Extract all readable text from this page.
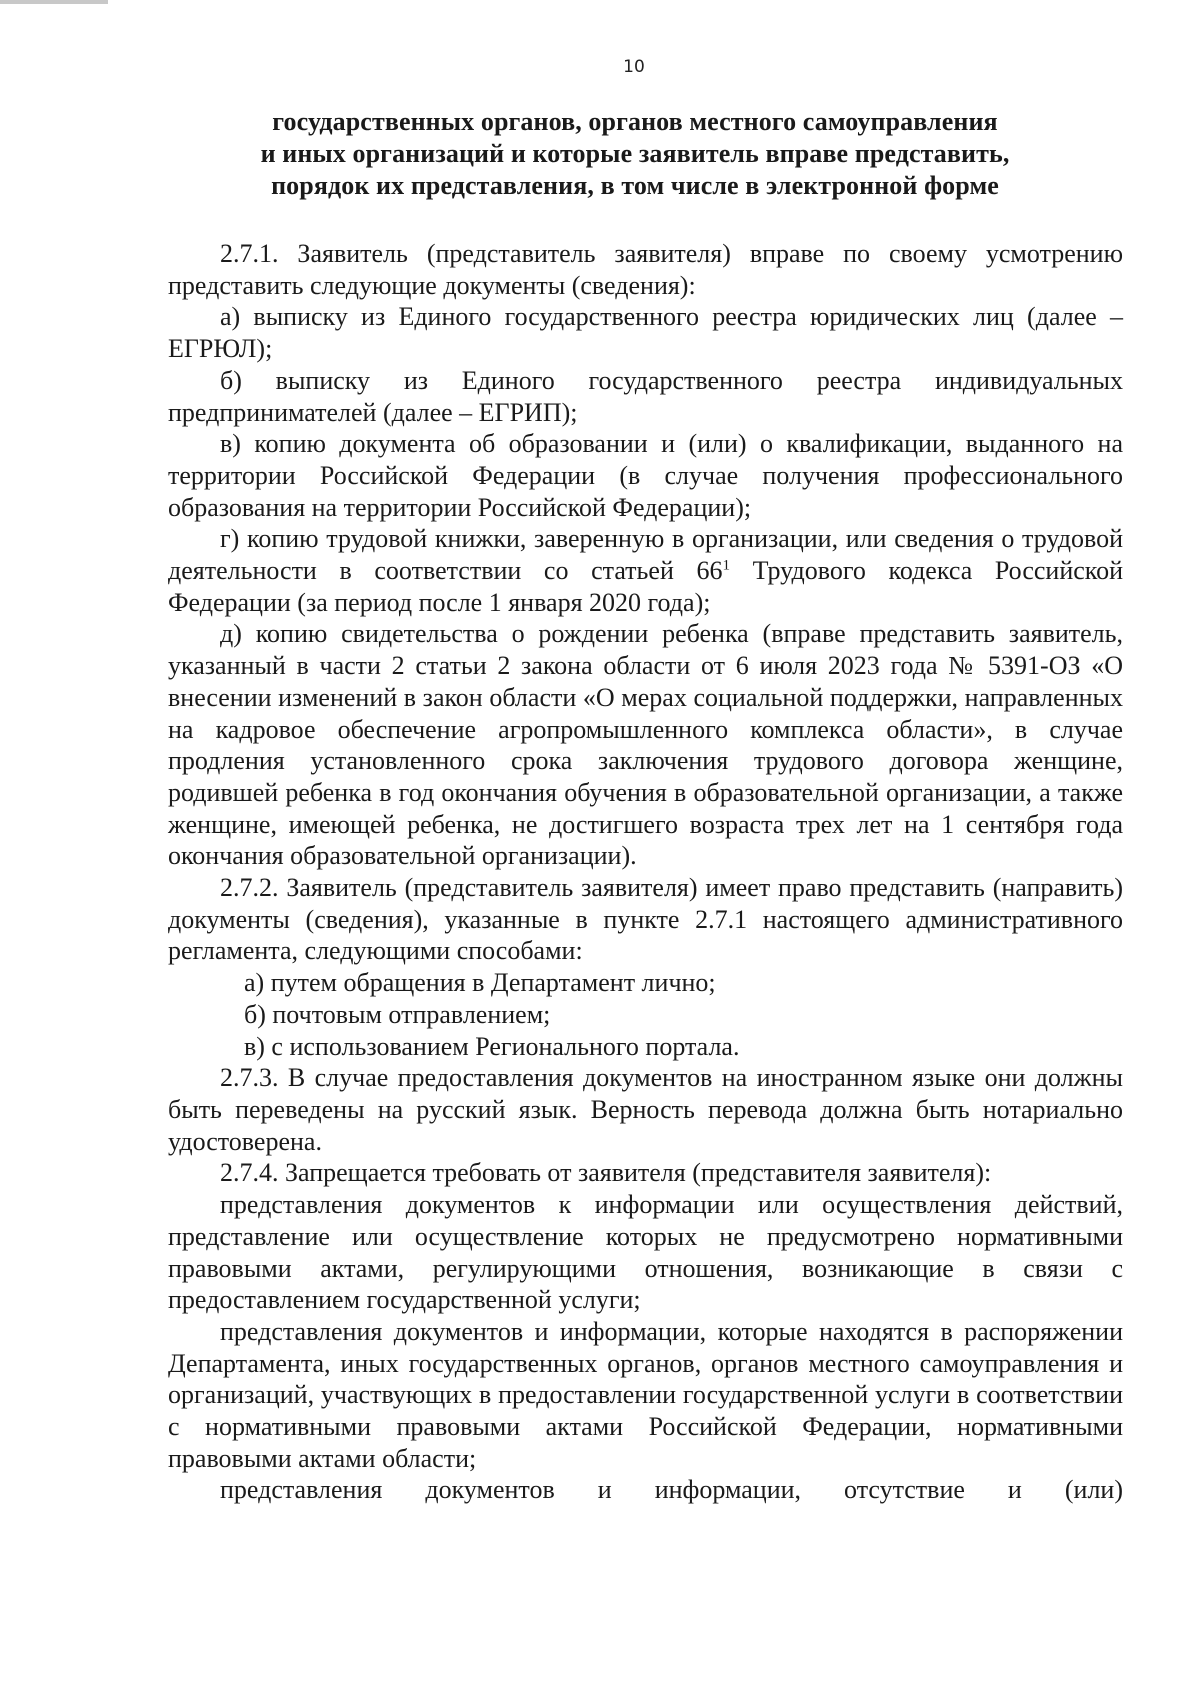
10
государственных органов, органов местного самоуправления
и иных организаций и которые заявитель вправе представить,
порядок их представления, в том числе в электронной форме

2.7.1. Заявитель (представитель заявителя) вправе по своему усмотрению представить следующие документы (сведения):

а) выписку из Единого государственного реестра юридических лиц (далее – ЕГРЮЛ);

б) выписку из Единого государственного реестра индивидуальных предпринимателей (далее – ЕГРИП);

в) копию документа об образовании и (или) о квалификации, выданного на территории Российской Федерации (в случае получения профессионального образования на территории Российской Федерации);

г) копию трудовой книжки, заверенную в организации, или сведения о трудовой деятельности в соответствии со статьей $66^1$ Трудового кодекса Российской Федерации (за период после 1 января 2020 года);

д) копию свидетельства о рождении ребенка (вправе представить заявитель, указанный в части 2 статьи 2 закона области от 6 июля 2023 года № 5391-ОЗ «О внесении изменений в закон области «О мерах социальной поддержки, направленных на кадровое обеспечение агропромышленного комплекса области», в случае продления установленного срока заключения трудового договора женщине, родившей ребенка в год окончания обучения в образовательной организации, а также женщине, имеющей ребенка, не достигшего возраста трех лет на 1 сентября года окончания образовательной организации).

2.7.2. Заявитель (представитель заявителя) имеет право представить (направить) документы (сведения), указанные в пункте 2.7.1 настоящего административного регламента, следующими способами:

а) путем обращения в Департамент лично;

б) почтовым отправлением;

в) с использованием Регионального портала.

2.7.3. В случае предоставления документов на иностранном языке они должны быть переведены на русский язык. Верность перевода должна быть нотариально удостоверена.

2.7.4. Запрещается требовать от заявителя (представителя заявителя):

представления документов к информации или осуществления действий, представление или осуществление которых не предусмотрено нормативными правовыми актами, регулирующими отношения, возникающие в связи с предоставлением государственной услуги;

представления документов и информации, которые находятся в распоряжении Департамента, иных государственных органов, органов местного самоуправления и организаций, участвующих в предоставлении государственной услуги в соответствии с нормативными правовыми актами Российской Федерации, нормативными правовыми актами области;

представления документов и информации, отсутствие и (или)
